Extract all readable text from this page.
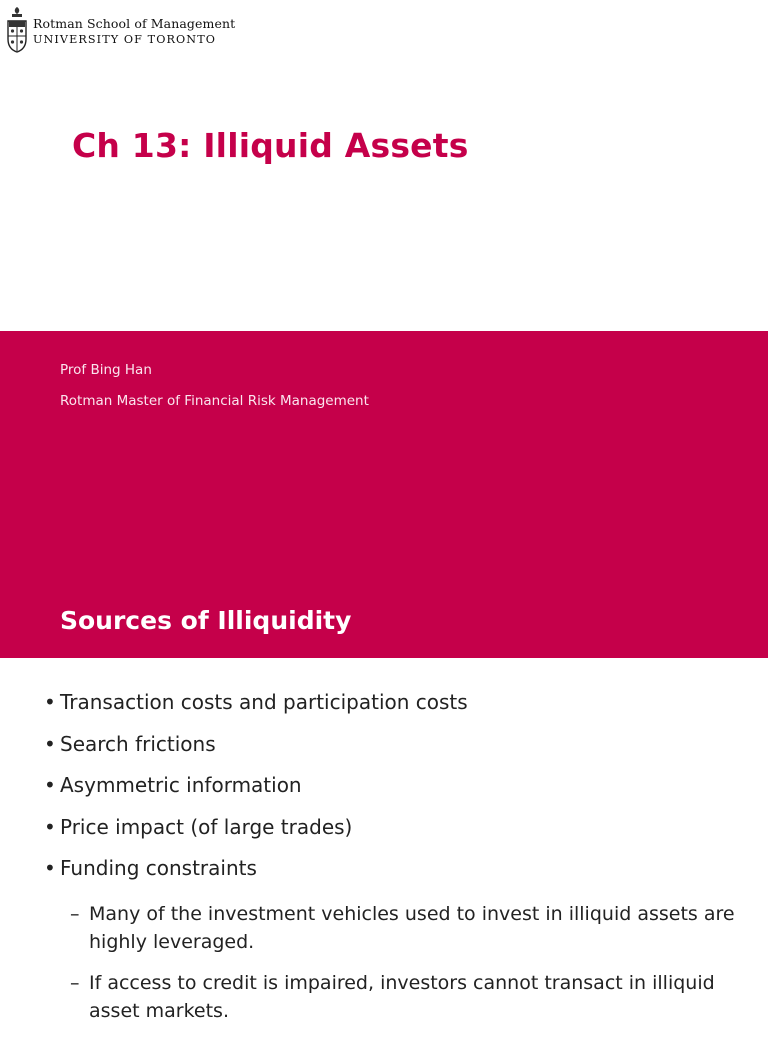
Rotman School of Management
UNIVERSITY OF TORONTO
Ch 13: Illiquid Assets
Prof Bing Han
Rotman Master of Financial Risk Management
Sources of Illiquidity
• Transaction costs and participation costs
• Search frictions
• Asymmetric information
• Price impact (of large trades)
• Funding constraints
– Many of the investment vehicles used to invest in illiquid assets are highly leveraged.
– If access to credit is impaired, investors cannot transact in illiquid asset markets.
